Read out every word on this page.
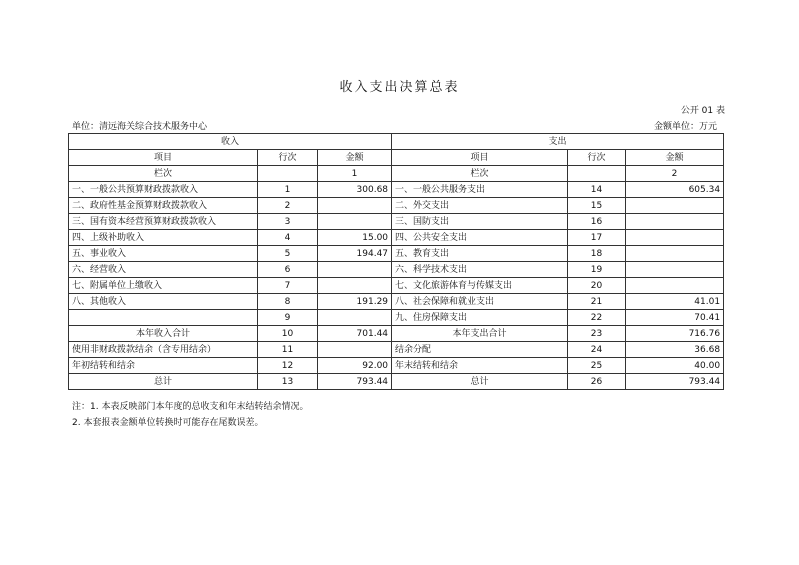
收入支出决算总表
公开 01 表
单位：清远海关综合技术服务中心	金额单位：万元
收入			支出		
项目	行次	金额	项目	行次	金额
栏次		1	栏次		2
一、一般公共预算财政拨款收入	1	300.68	一、一般公共服务支出	14	605.34
二、政府性基金预算财政拨款收入	2		二、外交支出	15	
三、国有资本经营预算财政拨款收入	3		三、国防支出	16	
四、上级补助收入	4	15.00	四、公共安全支出	17	
五、事业收入	5	194.47	五、教育支出	18	
六、经营收入	6		六、科学技术支出	19	
七、附属单位上缴收入	7		七、文化旅游体育与传媒支出	20	
八、其他收入	8	191.29	八、社会保障和就业支出	21	41.01
	9		九、住房保障支出	22	70.41
本年收入合计	10	701.44	本年支出合计	23	716.76
使用非财政拨款结余（含专用结余）	11		结余分配	24	36.68
年初结转和结余	12	92.00	年末结转和结余	25	40.00
总计	13	793.44	总计	26	793.44
注：1. 本表反映部门本年度的总收支和年末结转结余情况。
2. 本套报表金额单位转换时可能存在尾数误差。
